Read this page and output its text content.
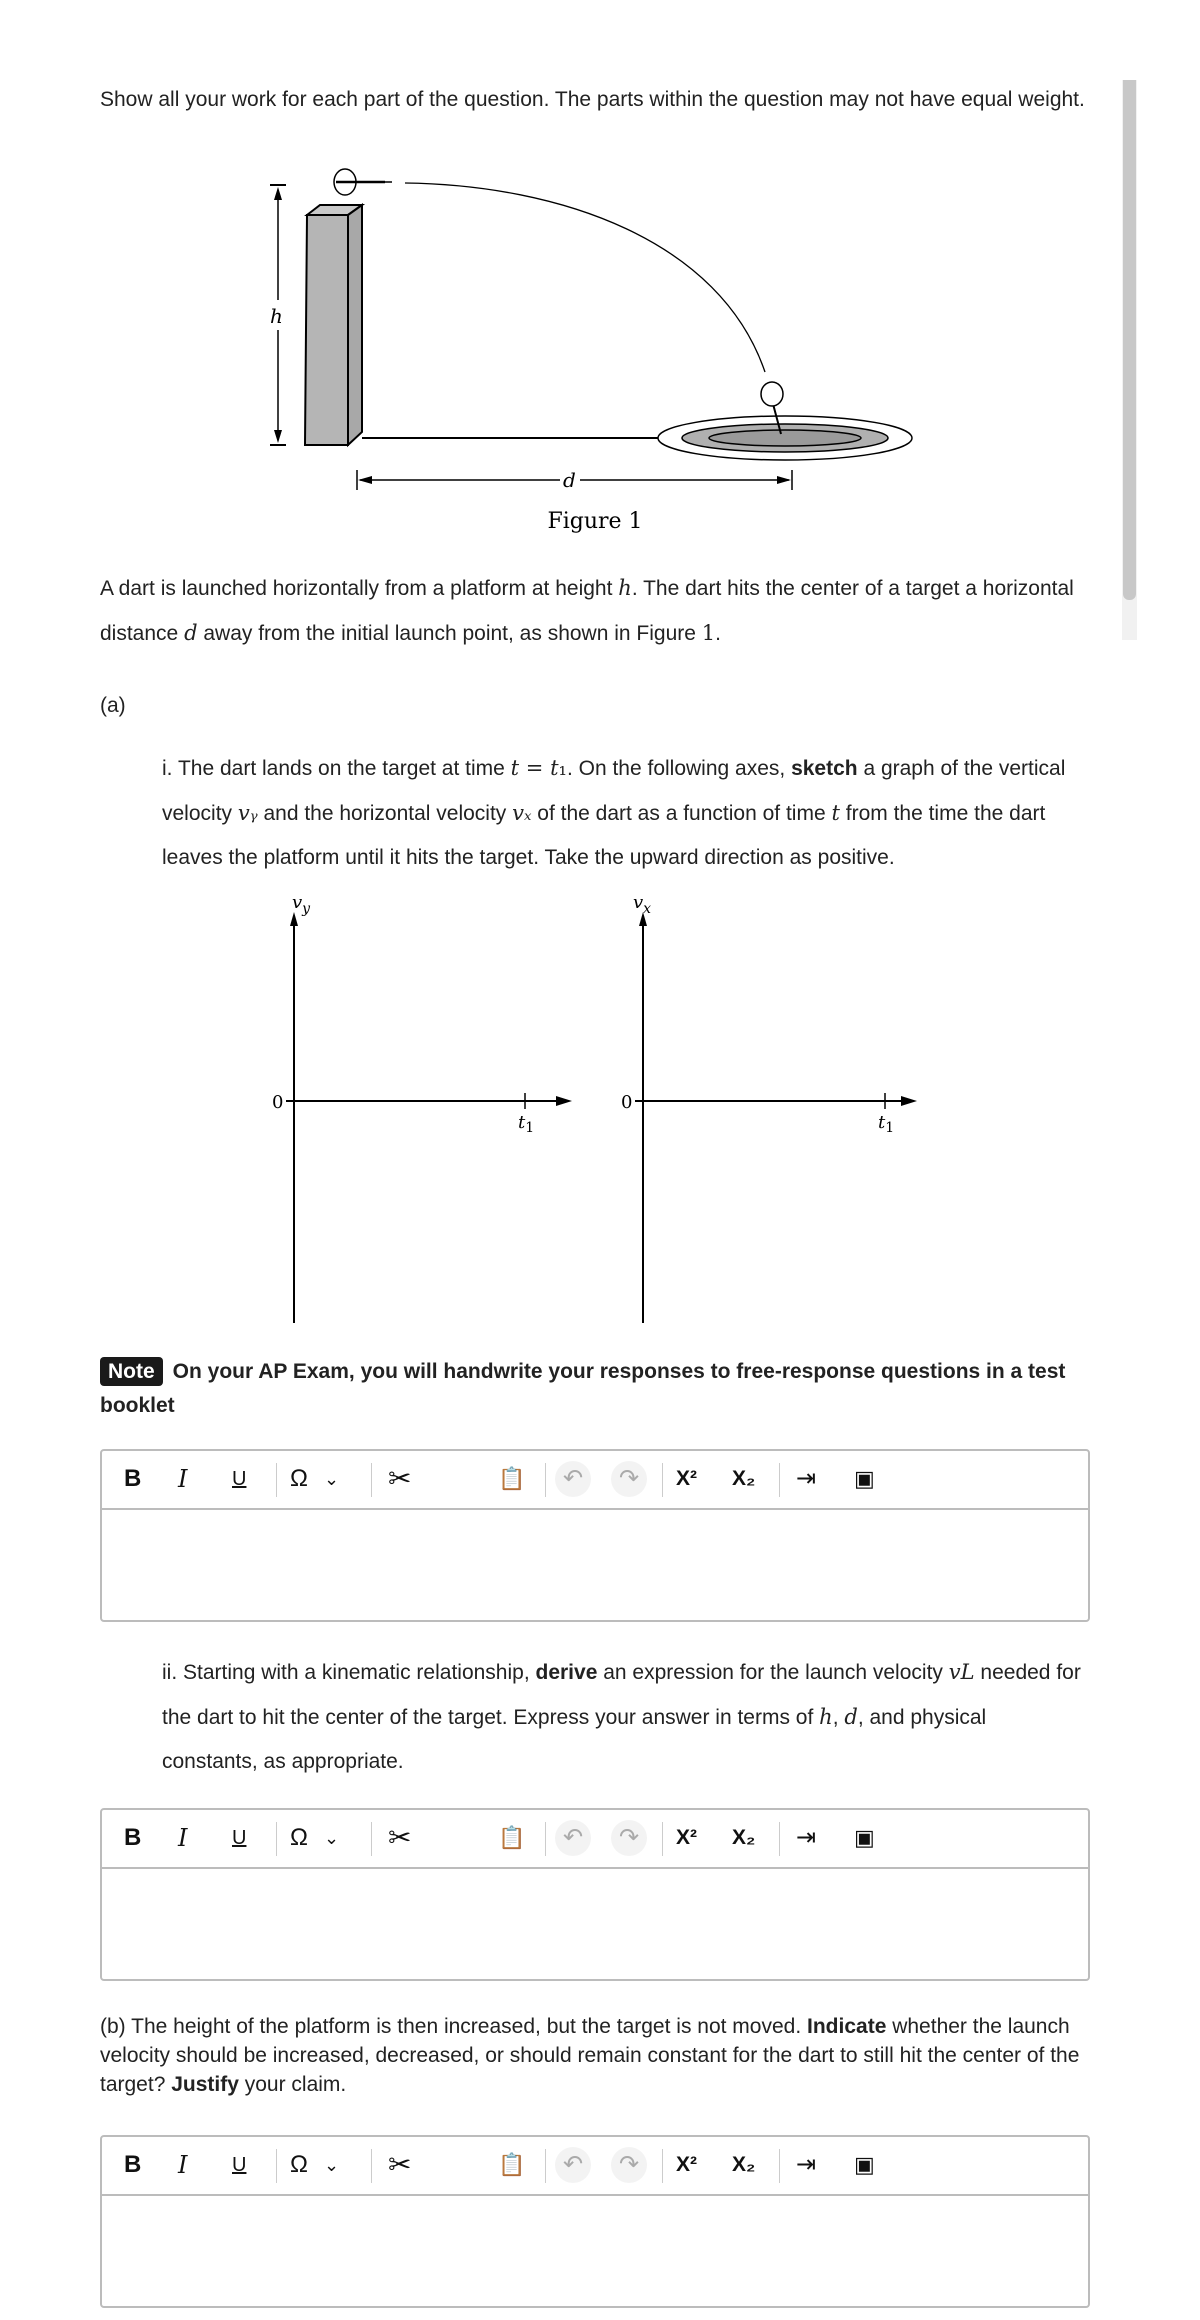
Show all your work for each part of the question. The parts within the question may not have equal weight.
h
d
Figure 1
A dart is launched horizontally from a platform at height h. The dart hits the center of a target a horizontal distance d away from the initial launch point, as shown in Figure 1.
(a)
i. The dart lands on the target at time t = t₁. On the following axes, sketch a graph of the vertical velocity vᵧ and the horizontal velocity vₓ of the dart as a function of time t from the time the dart leaves the platform until it hits the target. Take the upward direction as positive.
$v_y$
0
$t_1$
$v_x$
0
$t_1$
Note On your AP Exam, you will handwrite your responses to free-response questions in a test booklet
B I U Ω ⌄ ✂	📋	↶	↷	X² X₂ ⇥ ▣
ii. Starting with a kinematic relationship, derive an expression for the launch velocity vL needed for the dart to hit the center of the target. Express your answer in terms of h, d, and physical constants, as appropriate.
B I U Ω ⌄ ✂	📋	↶	↷	X² X₂ ⇥ ▣
(b) The height of the platform is then increased, but the target is not moved. Indicate whether the launch velocity should be increased, decreased, or should remain constant for the dart to still hit the center of the target? Justify your claim.
B I U Ω ⌄ ✂	📋	↶	↷	X² X₂ ⇥ ▣
